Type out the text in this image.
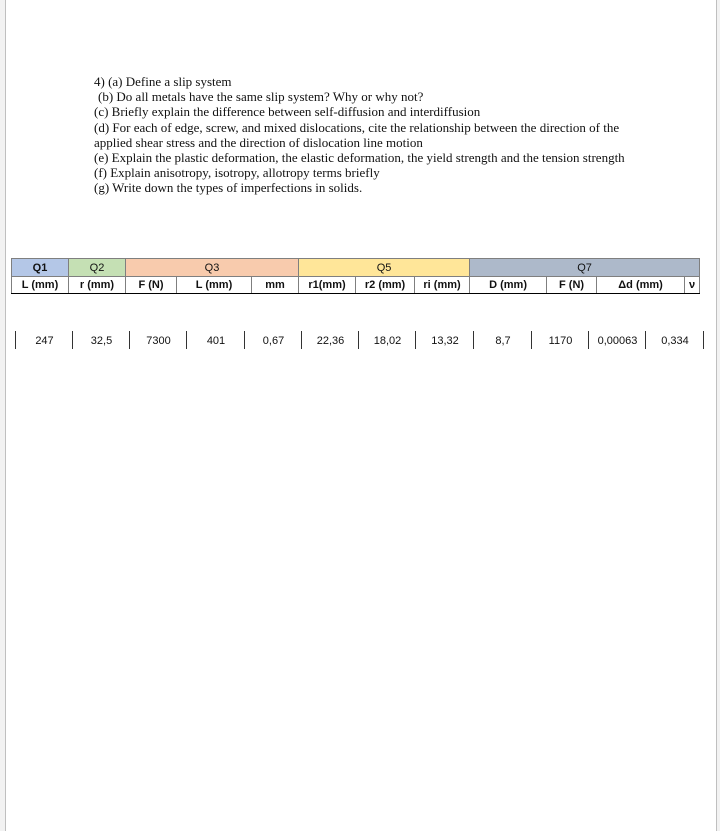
4) (a) Define a slip system

(b) Do all metals have the same slip system? Why or why not?

(c) Briefly explain the difference between self-diffusion and interdiffusion

(d) For each of edge, screw, and mixed dislocations, cite the relationship between the direction of the applied shear stress and the direction of dislocation line motion

(e) Explain the plastic deformation, the elastic deformation, the yield strength and the tension strength

(f) Explain anisotropy, isotropy, allotropy terms briefly

(g) Write down the types of imperfections in solids.

Q1	Q2	Q3			Q5			Q7			
L (mm)	r (mm)	F (N)	L (mm)	mm	r1(mm)	r2 (mm)	ri (mm)	D (mm)	F (N)	Δd (mm)	ν
247	32,5	7300	401	0,67	22,36	18,02	13,32	8,7	1170	0,00063	0,334
